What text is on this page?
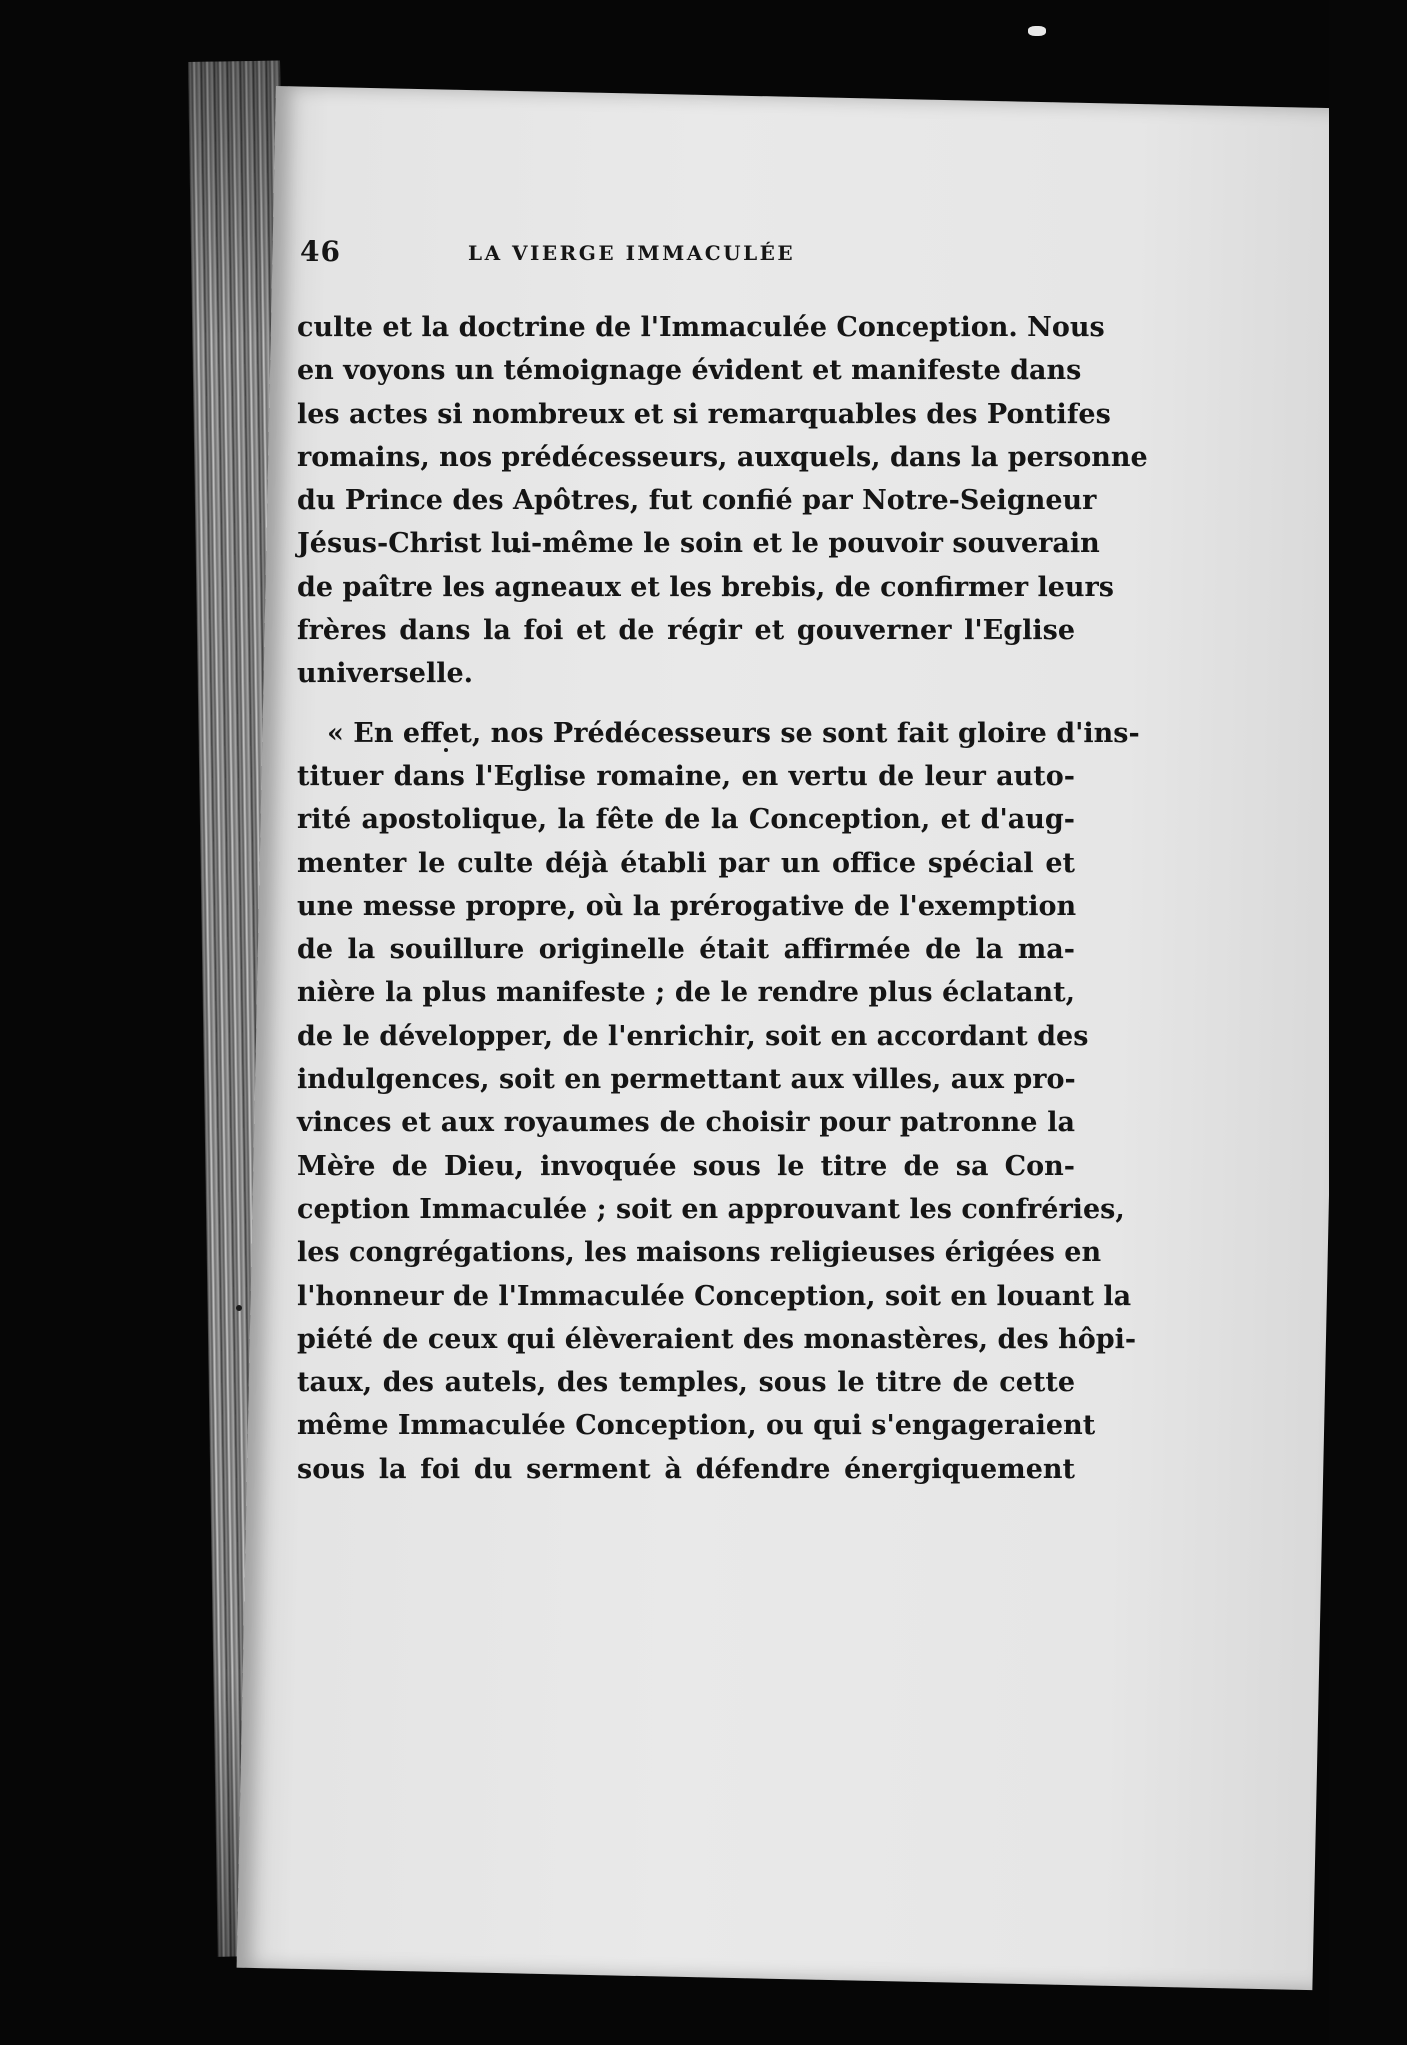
46	LA VIERGE IMMACULÉE
culte et la doctrine de l'Immaculée Conception. Nous
en voyons un témoignage évident et manifeste dans
les actes si nombreux et si remarquables des Pontifes
romains, nos prédécesseurs, auxquels, dans la personne
du Prince des Apôtres, fut confié par Notre-Seigneur
Jésus-Christ lui-même le soin et le pouvoir souverain
de paître les agneaux et les brebis, de confirmer leurs
frères dans la foi et de régir et gouverner l'Eglise
universelle.
« En effet, nos Prédécesseurs se sont fait gloire d'ins-
tituer dans l'Eglise romaine, en vertu de leur auto-
rité apostolique, la fête de la Conception, et d'aug-
menter le culte déjà établi par un office spécial et
une messe propre, où la prérogative de l'exemption
de la souillure originelle était affirmée de la ma-
nière la plus manifeste ; de le rendre plus éclatant,
de le développer, de l'enrichir, soit en accordant des
indulgences, soit en permettant aux villes, aux pro-
vinces et aux royaumes de choisir pour patronne la
Mère de Dieu, invoquée sous le titre de sa Con-
ception Immaculée ; soit en approuvant les confréries,
les congrégations, les maisons religieuses érigées en
l'honneur de l'Immaculée Conception, soit en louant la
piété de ceux qui élèveraient des monastères, des hôpi-
taux, des autels, des temples, sous le titre de cette
même Immaculée Conception, ou qui s'engageraient
sous la foi du serment à défendre énergiquement
